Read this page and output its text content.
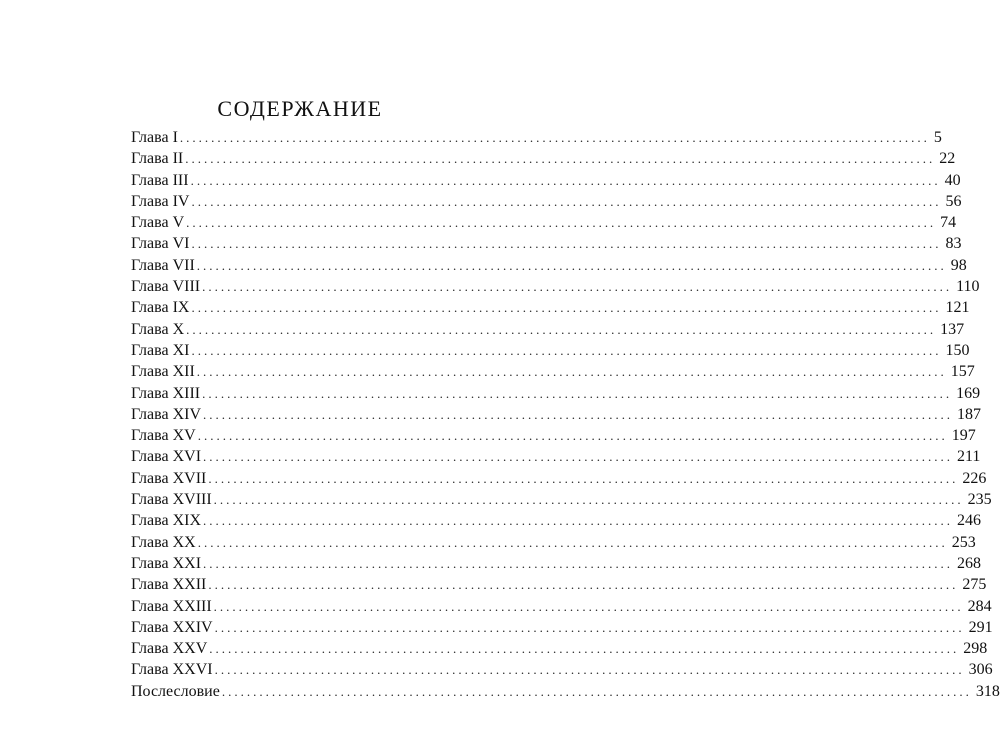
СОДЕРЖАНИЕ
Глава I ........................................................................................................................ 5
Глава II ........................................................................................................................ 22
Глава III ........................................................................................................................ 40
Глава IV ........................................................................................................................ 56
Глава V ........................................................................................................................ 74
Глава VI ........................................................................................................................ 83
Глава VII ........................................................................................................................ 98
Глава VIII ........................................................................................................................ 110
Глава IX ........................................................................................................................ 121
Глава X ........................................................................................................................ 137
Глава XI ........................................................................................................................ 150
Глава XII ........................................................................................................................ 157
Глава XIII ........................................................................................................................ 169
Глава XIV ........................................................................................................................ 187
Глава XV ........................................................................................................................ 197
Глава XVI ........................................................................................................................ 211
Глава XVII ........................................................................................................................ 226
Глава XVIII ........................................................................................................................ 235
Глава XIX ........................................................................................................................ 246
Глава XX ........................................................................................................................ 253
Глава XXI ........................................................................................................................ 268
Глава XXII ........................................................................................................................ 275
Глава XXIII ........................................................................................................................ 284
Глава XXIV ........................................................................................................................ 291
Глава XXV ........................................................................................................................ 298
Глава XXVI ........................................................................................................................ 306
Послесловие ........................................................................................................................ 318
